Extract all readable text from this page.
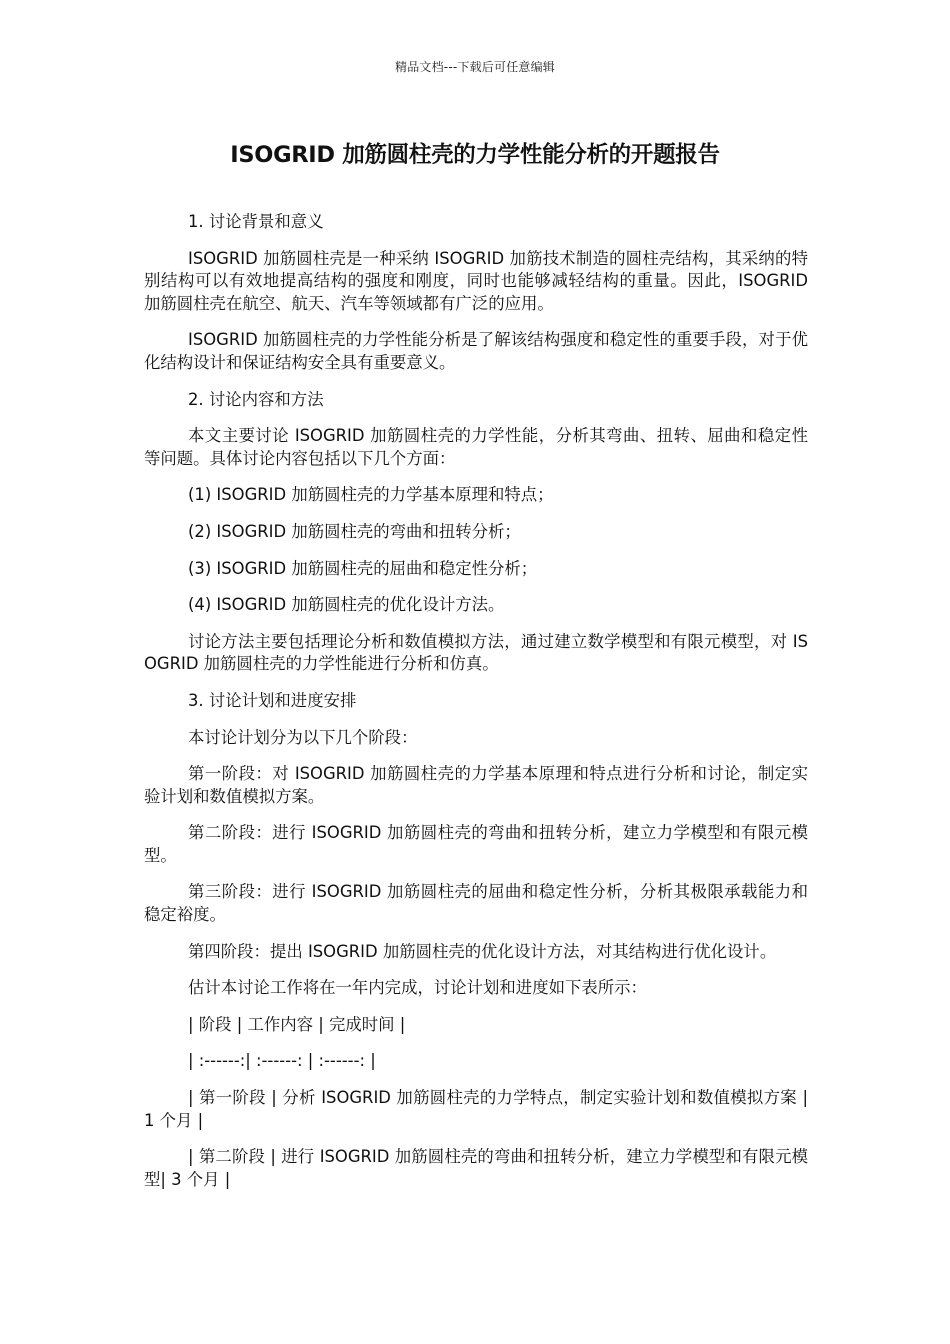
精品文档---下载后可任意编辑
ISOGRID 加筋圆柱壳的力学性能分析的开题报告

1. 讨论背景和意义

ISOGRID 加筋圆柱壳是一种采纳 ISOGRID 加筋技术制造的圆柱壳结构，其采纳的特别结构可以有效地提高结构的强度和刚度，同时也能够减轻结构的重量。因此，ISOGRID 加筋圆柱壳在航空、航天、汽车等领域都有广泛的应用。

ISOGRID 加筋圆柱壳的力学性能分析是了解该结构强度和稳定性的重要手段，对于优化结构设计和保证结构安全具有重要意义。

2. 讨论内容和方法

本文主要讨论 ISOGRID 加筋圆柱壳的力学性能，分析其弯曲、扭转、屈曲和稳定性等问题。具体讨论内容包括以下几个方面：

(1) ISOGRID 加筋圆柱壳的力学基本原理和特点；

(2) ISOGRID 加筋圆柱壳的弯曲和扭转分析；

(3) ISOGRID 加筋圆柱壳的屈曲和稳定性分析；

(4) ISOGRID 加筋圆柱壳的优化设计方法。

讨论方法主要包括理论分析和数值模拟方法，通过建立数学模型和有限元模型，对 ISOGRID 加筋圆柱壳的力学性能进行分析和仿真。

3. 讨论计划和进度安排

本讨论计划分为以下几个阶段：

第一阶段：对 ISOGRID 加筋圆柱壳的力学基本原理和特点进行分析和讨论，制定实验计划和数值模拟方案。

第二阶段：进行 ISOGRID 加筋圆柱壳的弯曲和扭转分析，建立力学模型和有限元模型。

第三阶段：进行 ISOGRID 加筋圆柱壳的屈曲和稳定性分析，分析其极限承载能力和稳定裕度。

第四阶段：提出 ISOGRID 加筋圆柱壳的优化设计方法，对其结构进行优化设计。

估计本讨论工作将在一年内完成，讨论计划和进度如下表所示：

| 阶段 | 工作内容 | 完成时间 |

| :------:| :------: | :------: |

| 第一阶段 | 分析 ISOGRID 加筋圆柱壳的力学特点，制定实验计划和数值模拟方案 | 1 个月 |

| 第二阶段 | 进行 ISOGRID 加筋圆柱壳的弯曲和扭转分析，建立力学模型和有限元模型| 3 个月 |
